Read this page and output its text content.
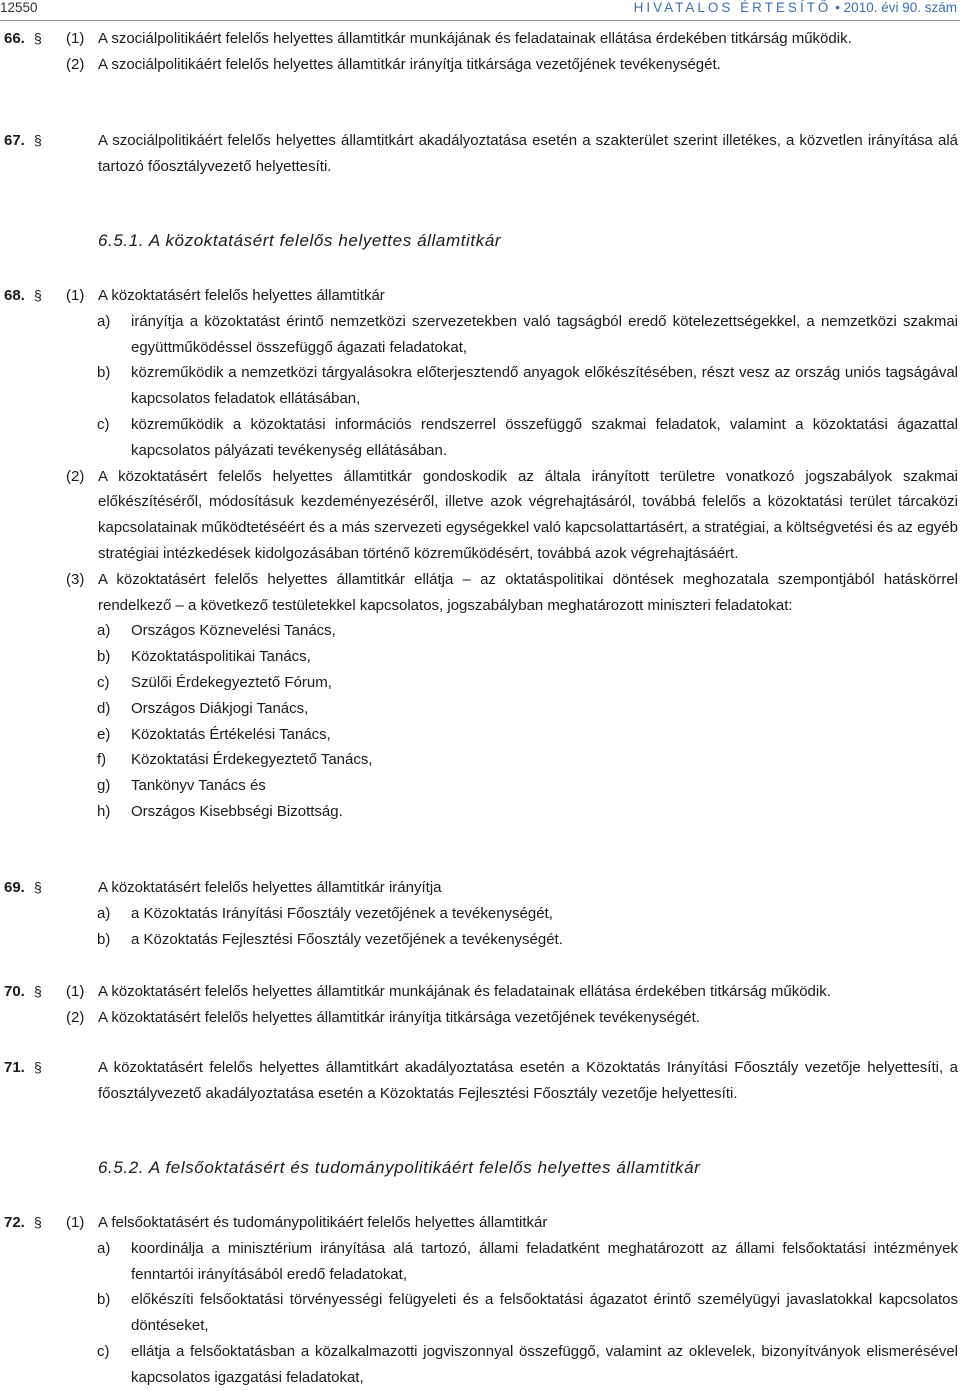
12550	HIVATALOS ÉRTESÍTŐ • 2010. évi 90. szám
66. § (1) A szociálpolitikáért felelős helyettes államtitkár munkájának és feladatainak ellátása érdekében titkárság működik.
(2) A szociálpolitikáért felelős helyettes államtitkár irányítja titkársága vezetőjének tevékenységét.
67. §	A szociálpolitikáért felelős helyettes államtitkárt akadályoztatása esetén a szakterület szerint illetékes, a közvetlen irányítása alá tartozó főosztályvezető helyettesíti.
6.5.1. A közoktatásért felelős helyettes államtitkár
68. § (1) A közoktatásért felelős helyettes államtitkár
a)	irányítja a közoktatást érintő nemzetközi szervezetekben való tagságból eredő kötelezettségekkel, a nemzetközi szakmai együttműködéssel összefüggő ágazati feladatokat,
b)	közreműködik a nemzetközi tárgyalásokra előterjesztendő anyagok előkészítésében, részt vesz az ország uniós tagságával kapcsolatos feladatok ellátásában,
c)	közreműködik a közoktatási információs rendszerrel összefüggő szakmai feladatok, valamint a közoktatási ágazattal kapcsolatos pályázati tevékenység ellátásában.
(2) A közoktatásért felelős helyettes államtitkár gondoskodik az általa irányított területre vonatkozó jogszabályok szakmai előkészítéséről, módosításuk kezdeményezéséről, illetve azok végrehajtásáról, továbbá felelős a közoktatási terület tárcaközi kapcsolatainak működtetéséért és a más szervezeti egységekkel való kapcsolattartásért, a stratégiai, a költségvetési és az egyéb stratégiai intézkedések kidolgozásában történő közreműködésért, továbbá azok végrehajtásáért.
(3) A közoktatásért felelős helyettes államtitkár ellátja – az oktatáspolitikai döntések meghozatala szempontjából hatáskörrel rendelkező – a következő testületekkel kapcsolatos, jogszabályban meghatározott miniszteri feladatokat:
a)	Országos Köznevelési Tanács,
b)	Közoktatáspolitikai Tanács,
c)	Szülői Érdekegyeztető Fórum,
d)	Országos Diákjogi Tanács,
e)	Közoktatás Értékelési Tanács,
f)	Közoktatási Érdekegyeztető Tanács,
g)	Tankönyv Tanács és
h)	Országos Kisebbségi Bizottság.
69. §	A közoktatásért felelős helyettes államtitkár irányítja
a)	a Közoktatás Irányítási Főosztály vezetőjének a tevékenységét,
b)	a Közoktatás Fejlesztési Főosztály vezetőjének a tevékenységét.
70. § (1) A közoktatásért felelős helyettes államtitkár munkájának és feladatainak ellátása érdekében titkárság működik.
(2) A közoktatásért felelős helyettes államtitkár irányítja titkársága vezetőjének tevékenységét.
71. §	A közoktatásért felelős helyettes államtitkárt akadályoztatása esetén a Közoktatás Irányítási Főosztály vezetője helyettesíti, a főosztályvezető akadályoztatása esetén a Közoktatás Fejlesztési Főosztály vezetője helyettesíti.
6.5.2. A felsőoktatásért és tudománypolitikáért felelős helyettes államtitkár
72. § (1) A felsőoktatásért és tudománypolitikáért felelős helyettes államtitkár
a)	koordinálja a minisztérium irányítása alá tartozó, állami feladatként meghatározott az állami felsőoktatási intézmények fenntartói irányításából eredő feladatokat,
b)	előkészíti felsőoktatási törvényességi felügyeleti és a felsőoktatási ágazatot érintő személyügyi javaslatokkal kapcsolatos döntéseket,
c)	ellátja a felsőoktatásban a közalkalmazotti jogviszonnyal összefüggő, valamint az oklevelek, bizonyítványok elismerésével kapcsolatos igazgatási feladatokat,
